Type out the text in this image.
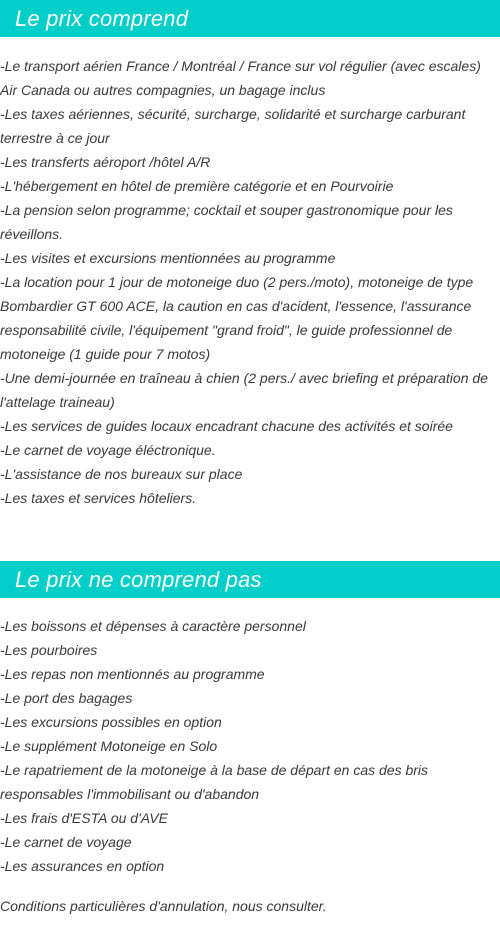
Le prix comprend
-Le transport aérien France / Montréal / France sur vol régulier (avec escales) Air Canada ou autres compagnies, un bagage inclus
-Les taxes aériennes, sécurité, surcharge, solidarité et surcharge carburant terrestre à ce jour
-Les transferts aéroport /hôtel A/R
-L'hébergement en hôtel de première catégorie et en Pourvoirie
-La pension selon programme; cocktail et souper gastronomique pour les réveillons.
-Les visites et excursions mentionnées au programme
-La location pour 1 jour de motoneige duo (2 pers./moto), motoneige de type Bombardier GT 600 ACE, la caution en cas d'acident, l'essence, l'assurance responsabilité civile, l'équipement "grand froid", le guide professionnel de motoneige (1 guide pour 7 motos)
-Une demi-journée en traîneau à chien (2 pers./ avec briefing et préparation de l'attelage traineau)
-Les services de guides locaux encadrant chacune des activités et soirée
-Le carnet de voyage éléctronique.
-L'assistance de nos bureaux sur place
-Les taxes et services hôteliers.
Le prix ne comprend pas
-Les boissons et dépenses à caractère personnel
-Les pourboires
-Les repas non mentionnés au programme
-Le port des bagages
-Les excursions possibles en option
-Le supplément Motoneige en Solo
-Le rapatriement de la motoneige à la base de départ en cas des bris responsables l'immobilisant ou d'abandon
-Les frais d'ESTA ou d'AVE
-Le carnet de voyage
-Les assurances en option

Conditions particulières d'annulation, nous consulter.
